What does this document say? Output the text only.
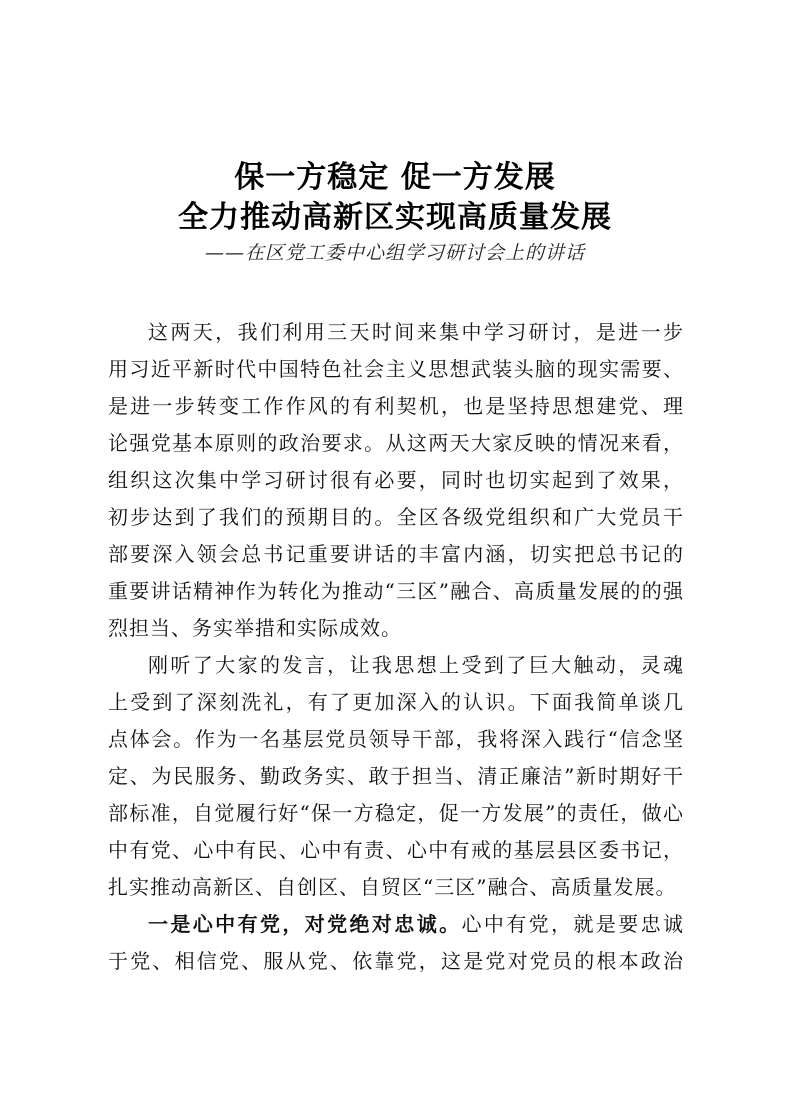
保一方稳定 促一方发展
全力推动高新区实现高质量发展
——在区党工委中心组学习研讨会上的讲话
这两天，我们利用三天时间来集中学习研讨，是进一步
用习近平新时代中国特色社会主义思想武装头脑的现实需要、
是进一步转变工作作风的有利契机，也是坚持思想建党、理
论强党基本原则的政治要求。从这两天大家反映的情况来看，
组织这次集中学习研讨很有必要，同时也切实起到了效果，
初步达到了我们的预期目的。全区各级党组织和广大党员干
部要深入领会总书记重要讲话的丰富内涵，切实把总书记的
重要讲话精神作为转化为推动“三区”融合、高质量发展的的强
烈担当、务实举措和实际成效。
刚听了大家的发言，让我思想上受到了巨大触动，灵魂
上受到了深刻洗礼，有了更加深入的认识。下面我简单谈几
点体会。作为一名基层党员领导干部，我将深入践行“信念坚
定、为民服务、勤政务实、敢于担当、清正廉洁”新时期好干
部标准，自觉履行好“保一方稳定，促一方发展”的责任，做心
中有党、心中有民、心中有责、心中有戒的基层县区委书记，
扎实推动高新区、自创区、自贸区“三区”融合、高质量发展。
一是心中有党，对党绝对忠诚。心中有党，就是要忠诚
于党、相信党、服从党、依靠党，这是党对党员的根本政治
